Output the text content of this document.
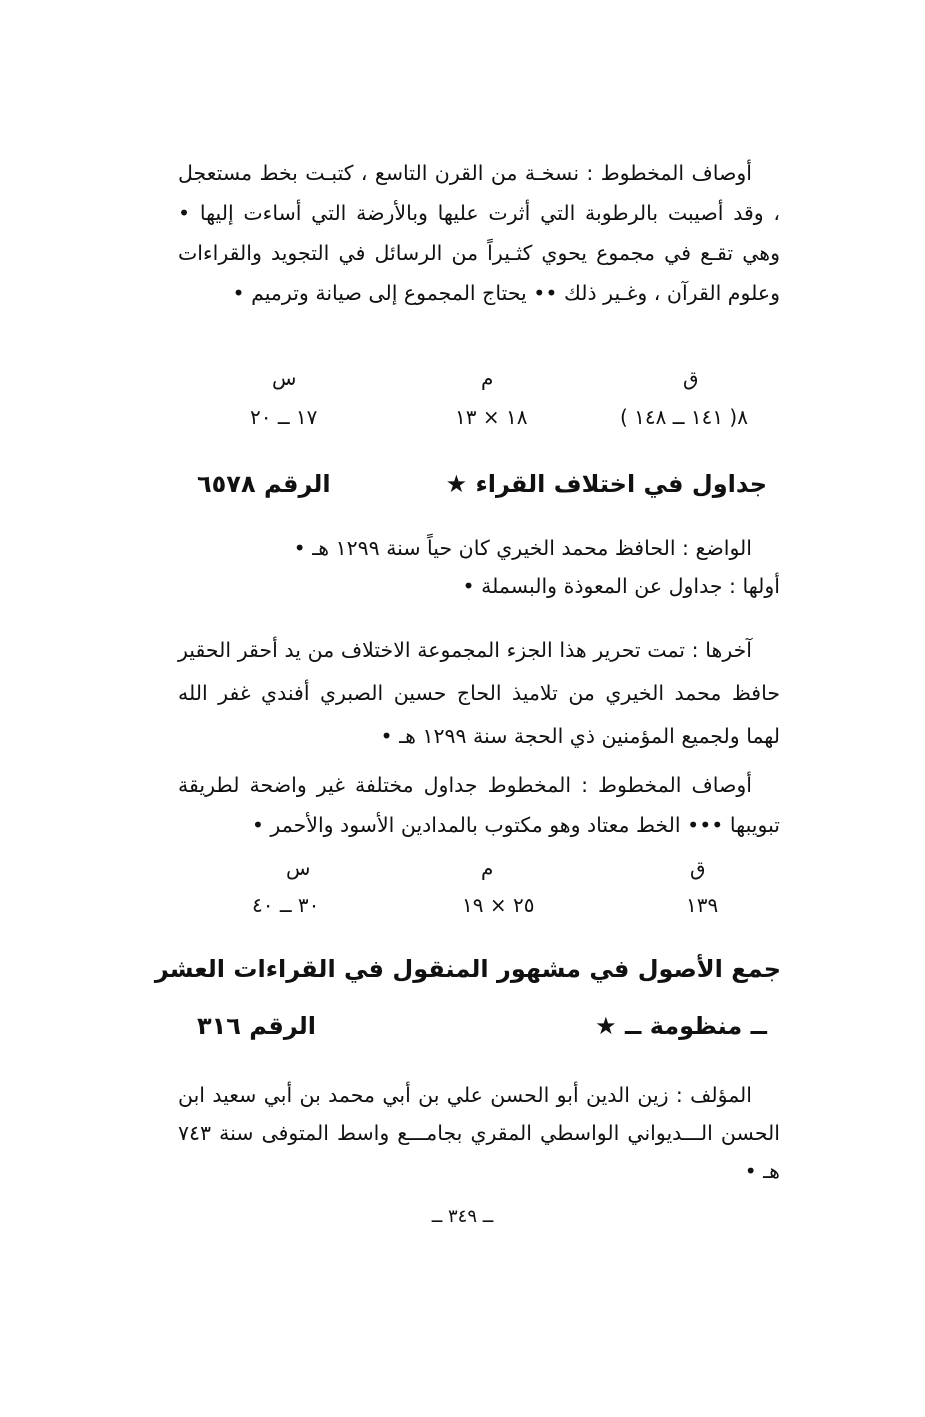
أوصاف المخطوط : نسخـة من القرن التاسع ، كتبـت بخط مستعجل ، وقد أصيبت بالرطوبة التي أثرت عليها وبالأرضة التي أساءت إليها • وهي تقـع في مجموع يحوي كثـيراً من الرسائل في التجويد والقراءات وعلوم القرآن ، وغـير ذلك •• يحتاج المجموع إلى صيانة وترميم •

ق
م
س
٨( ١٤١ ــ ١٤٨ )
١٨ × ١٣
١٧ ــ ٢٠
جداول في اختلاف القراء ★
الرقم ٦٥٧٨

الواضع : الحافظ محمد الخيري كان حياً سنة ١٢٩٩ هـ •
أولها : جداول عن المعوذة والبسملة •

آخرها : تمت تحرير هذا الجزء المجموعة الاختلاف من يد أحقر الحقير حافظ محمد الخيري من تلاميذ الحاج حسين الصبري أفندي غفر الله لهما ولجميع المؤمنين ذي الحجة سنة ١٢٩٩ هـ •

أوصاف المخطوط : المخطوط جداول مختلفة غير واضحة لطريقة تبويبها ••• الخط معتاد وهو مكتوب بالمدادين الأسود والأحمر •

ق
م
س
١٣٩
٢٥ × ١٩
٣٠ ــ ٤٠
جمع الأصول في مشهور المنقول في القراءات العشر
ــ منظومة ــ ★
الرقم ٣١٦

المؤلف : زين الدين أبو الحسن علي بن أبي محمد بن أبي سعيد ابن الحسن الـــديواني الواسطي المقري بجامـــع واسط المتوفى سنة ٧٤٣ هـ •

ــ ٣٤٩ ــ
